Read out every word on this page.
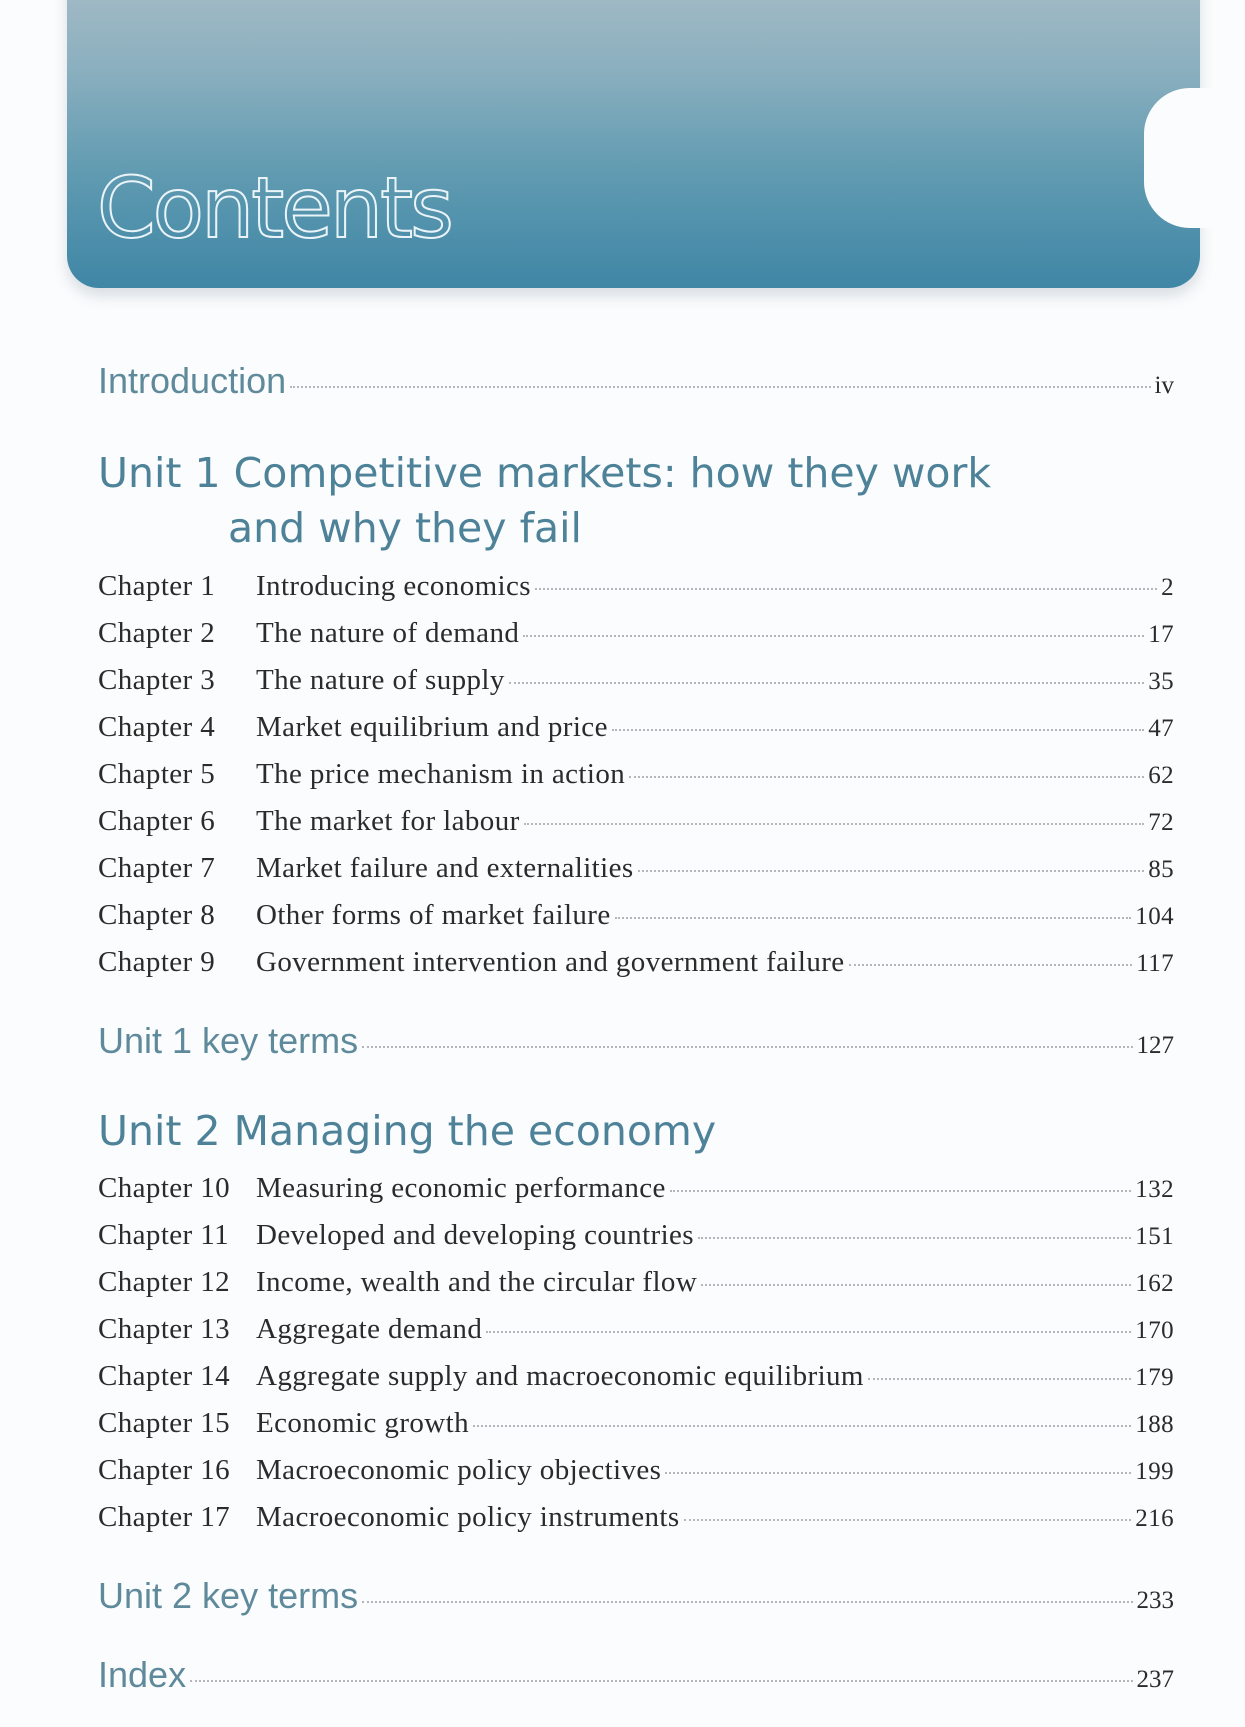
Contents
Introduction	iv
Unit 1 Competitive markets: how they work
and why they fail
Chapter 1	Introducing economics	2
Chapter 2	The nature of demand	17
Chapter 3	The nature of supply	35
Chapter 4	Market equilibrium and price	47
Chapter 5	The price mechanism in action	62
Chapter 6	The market for labour	72
Chapter 7	Market failure and externalities	85
Chapter 8	Other forms of market failure	104
Chapter 9	Government intervention and government failure	117
Unit 1 key terms	127
Unit 2 Managing the economy
Chapter 10 Measuring economic performance	132
Chapter 11 Developed and developing countries	151
Chapter 12 Income, wealth and the circular flow	162
Chapter 13 Aggregate demand	170
Chapter 14 Aggregate supply and macroeconomic equilibrium	179
Chapter 15 Economic growth	188
Chapter 16 Macroeconomic policy objectives	199
Chapter 17 Macroeconomic policy instruments	216
Unit 2 key terms	233
Index	237
